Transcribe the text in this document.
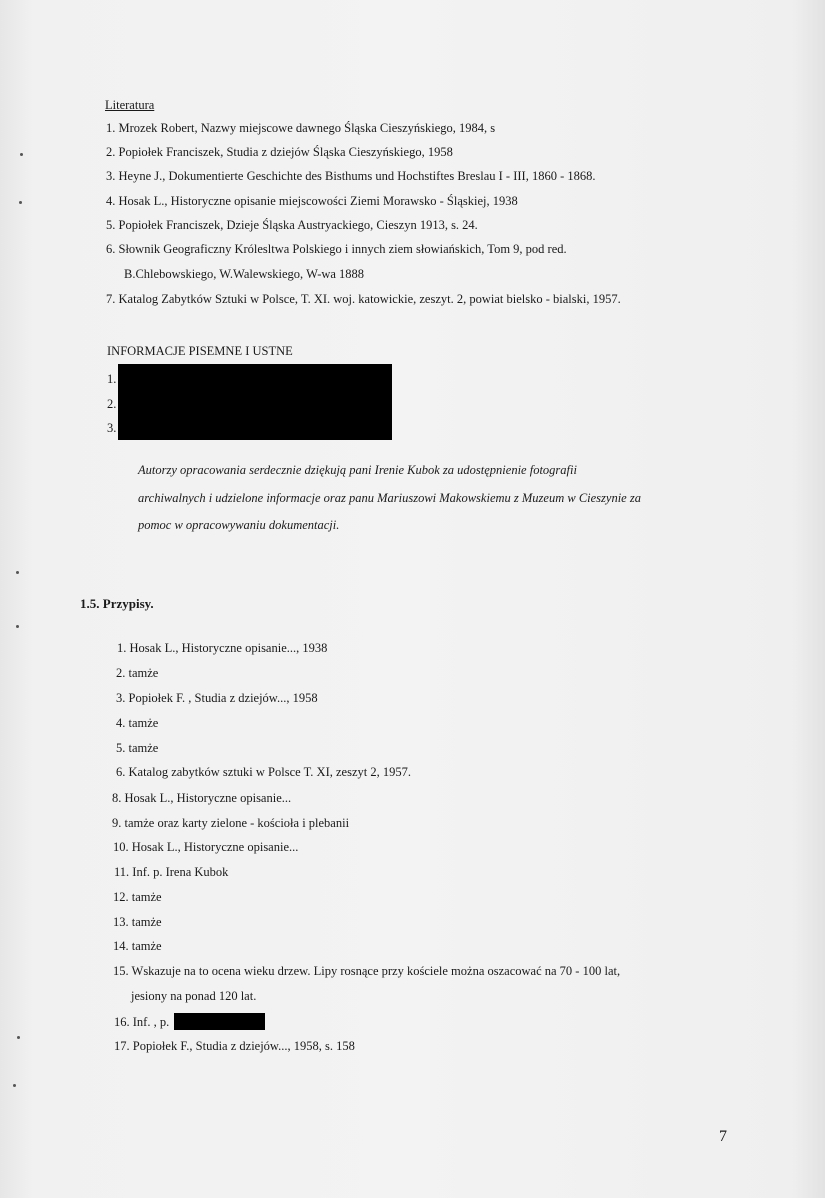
Literatura
1. Mrozek Robert, Nazwy miejscowe dawnego Śląska Cieszyńskiego, 1984, s
2. Popiołek Franciszek, Studia z dziejów Śląska Cieszyńskiego, 1958
3. Heyne J., Dokumentierte Geschichte des Bisthums und Hochstiftes Breslau I - III, 1860 - 1868.
4. Hosak L., Historyczne opisanie miejscowości Ziemi Morawsko - Śląskiej, 1938
5. Popiołek Franciszek, Dzieje Śląska Austryackiego, Cieszyn 1913, s. 24.
6. Słownik Geograficzny Królesltwa Polskiego i innych ziem słowiańskich, Tom 9, pod red.
B.Chlebowskiego, W.Walewskiego, W-wa 1888
7. Katalog Zabytków Sztuki w Polsce, T. XI. woj. katowickie, zeszyt. 2, powiat bielsko - bialski, 1957.
INFORMACJE PISEMNE I USTNE
1.
2.
3.
Autorzy opracowania serdecznie dziękują pani Irenie Kubok za udostępnienie fotografii
archiwalnych i udzielone informacje oraz panu Mariuszowi Makowskiemu z Muzeum w Cieszynie za
pomoc w opracowywaniu dokumentacji.
1.5. Przypisy.
1. Hosak L., Historyczne opisanie..., 1938
2. tamże
3. Popiołek F. , Studia z dziejów..., 1958
4. tamże
5. tamże
6. Katalog zabytków sztuki w Polsce T. XI, zeszyt 2, 1957.
8. Hosak L., Historyczne opisanie...
9. tamże oraz karty zielone - kościoła i plebanii
10. Hosak L., Historyczne opisanie...
11. Inf. p. Irena Kubok
12. tamże
13. tamże
14. tamże
15. Wskazuje na to ocena wieku drzew. Lipy rosnące przy kościele można oszacować na 70 - 100 lat,
jesiony na ponad 120 lat.
16. Inf. , p.
17. Popiołek F., Studia z dziejów..., 1958, s. 158
7
